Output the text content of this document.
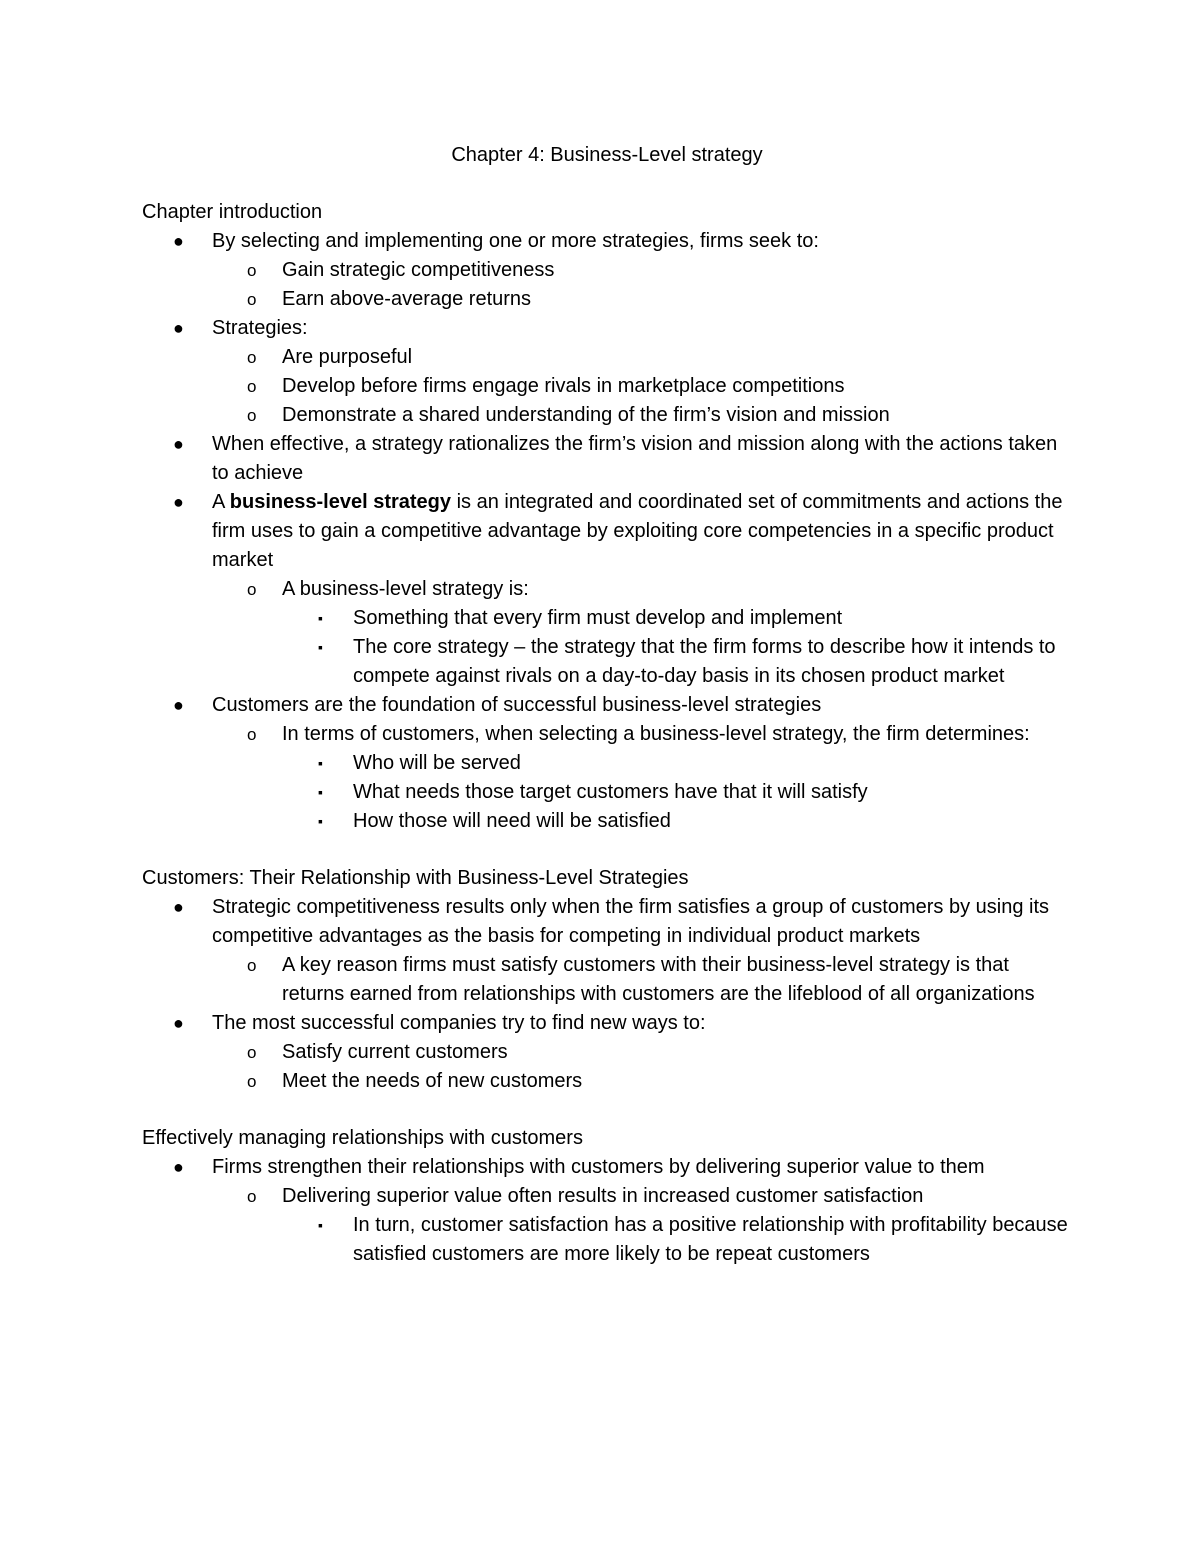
Chapter 4: Business-Level strategy

Chapter introduction

● By selecting and implementing one or more strategies, firms seek to:
o Gain strategic competitiveness
o Earn above-average returns
● Strategies:
o Are purposeful
o Develop before firms engage rivals in marketplace competitions
o Demonstrate a shared understanding of the firm’s vision and mission
● When effective, a strategy rationalizes the firm’s vision and mission along with the actions taken to achieve
● A business-level strategy is an integrated and coordinated set of commitments and actions the firm uses to gain a competitive advantage by exploiting core competencies in a specific product market
o A business-level strategy is:
▪ Something that every firm must develop and implement
▪ The core strategy – the strategy that the firm forms to describe how it intends to compete against rivals on a day-to-day basis in its chosen product market
● Customers are the foundation of successful business-level strategies
o In terms of customers, when selecting a business-level strategy, the firm determines:
▪ Who will be served
▪ What needs those target customers have that it will satisfy
▪ How those will need will be satisfied

Customers: Their Relationship with Business-Level Strategies

● Strategic competitiveness results only when the firm satisfies a group of customers by using its competitive advantages as the basis for competing in individual product markets
o A key reason firms must satisfy customers with their business-level strategy is that returns earned from relationships with customers are the lifeblood of all organizations
● The most successful companies try to find new ways to:
o Satisfy current customers
o Meet the needs of new customers

Effectively managing relationships with customers

● Firms strengthen their relationships with customers by delivering superior value to them
o Delivering superior value often results in increased customer satisfaction
▪ In turn, customer satisfaction has a positive relationship with profitability because satisfied customers are more likely to be repeat customers
